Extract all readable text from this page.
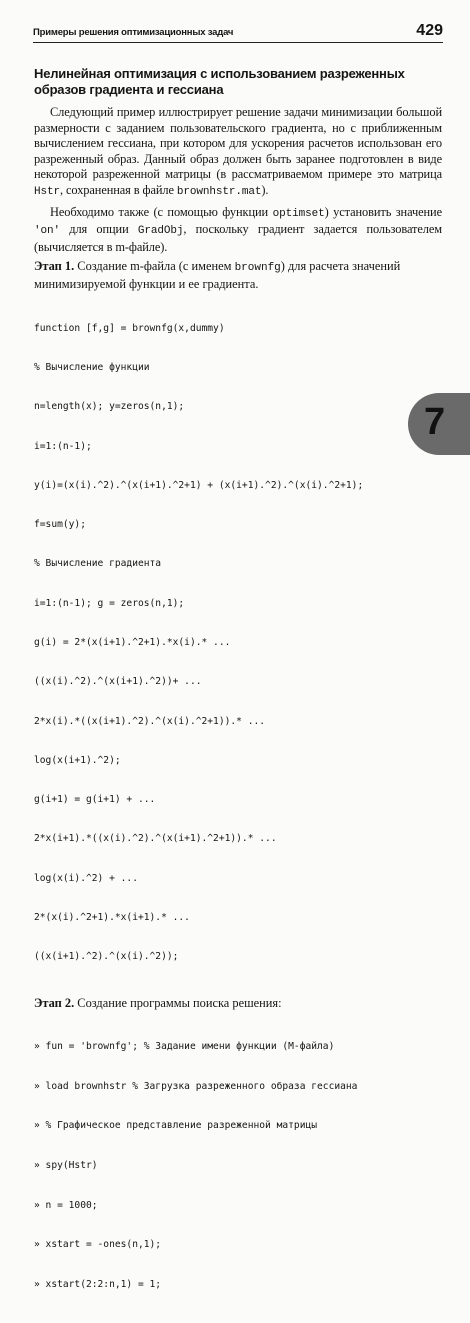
Примеры решения оптимизационных задач	429
Нелинейная оптимизация с использованием разреженных образов градиента и гессиана

Следующий пример иллюстрирует решение задачи минимизации большой размерности с заданием пользовательского градиента, но с приближенным вычислением гессиана, при котором для ускорения расчетов использован его разреженный образ. Данный образ должен быть заранее подготовлен в виде некоторой разреженной матрицы (в рассматриваемом примере это матрица Hstr, сохраненная в файле brownhstr.mat).

Необходимо также (с помощью функции optimset) установить значение 'on' для опции GradObj, поскольку градиент задается пользователем (вычисляется в m-файле).

Этап 1. Создание m-файла (с именем brownfg) для расчета значений минимизируемой функции и ее градиента.

function [f,g] = brownfg(x,dummy)

% Вычисление функции

n=length(x); y=zeros(n,1);

i=1:(n-1);

y(i)=(x(i).^2).^(x(i+1).^2+1) + (x(i+1).^2).^(x(i).^2+1);

f=sum(y);

% Вычисление градиента

i=1:(n-1); g = zeros(n,1);

g(i) = 2*(x(i+1).^2+1).*x(i).* ...

((x(i).^2).^(x(i+1).^2))+ ...

2*x(i).*((x(i+1).^2).^(x(i).^2+1)).* ...

log(x(i+1).^2);

g(i+1) = g(i+1) + ...

2*x(i+1).*((x(i).^2).^(x(i+1).^2+1)).* ...

log(x(i).^2) + ...

2*(x(i).^2+1).*x(i+1).* ...

((x(i+1).^2).^(x(i).^2));

Этап 2. Создание программы поиска решения:

» fun = 'brownfg'; % Задание имени функции (М-файла)

» load brownhstr % Загрузка разреженного образа гессиана

» % Графическое представление разреженной матрицы

» spy(Hstr)

» n = 1000;

» xstart = -ones(n,1);

» xstart(2:2:n,1) = 1;

7
